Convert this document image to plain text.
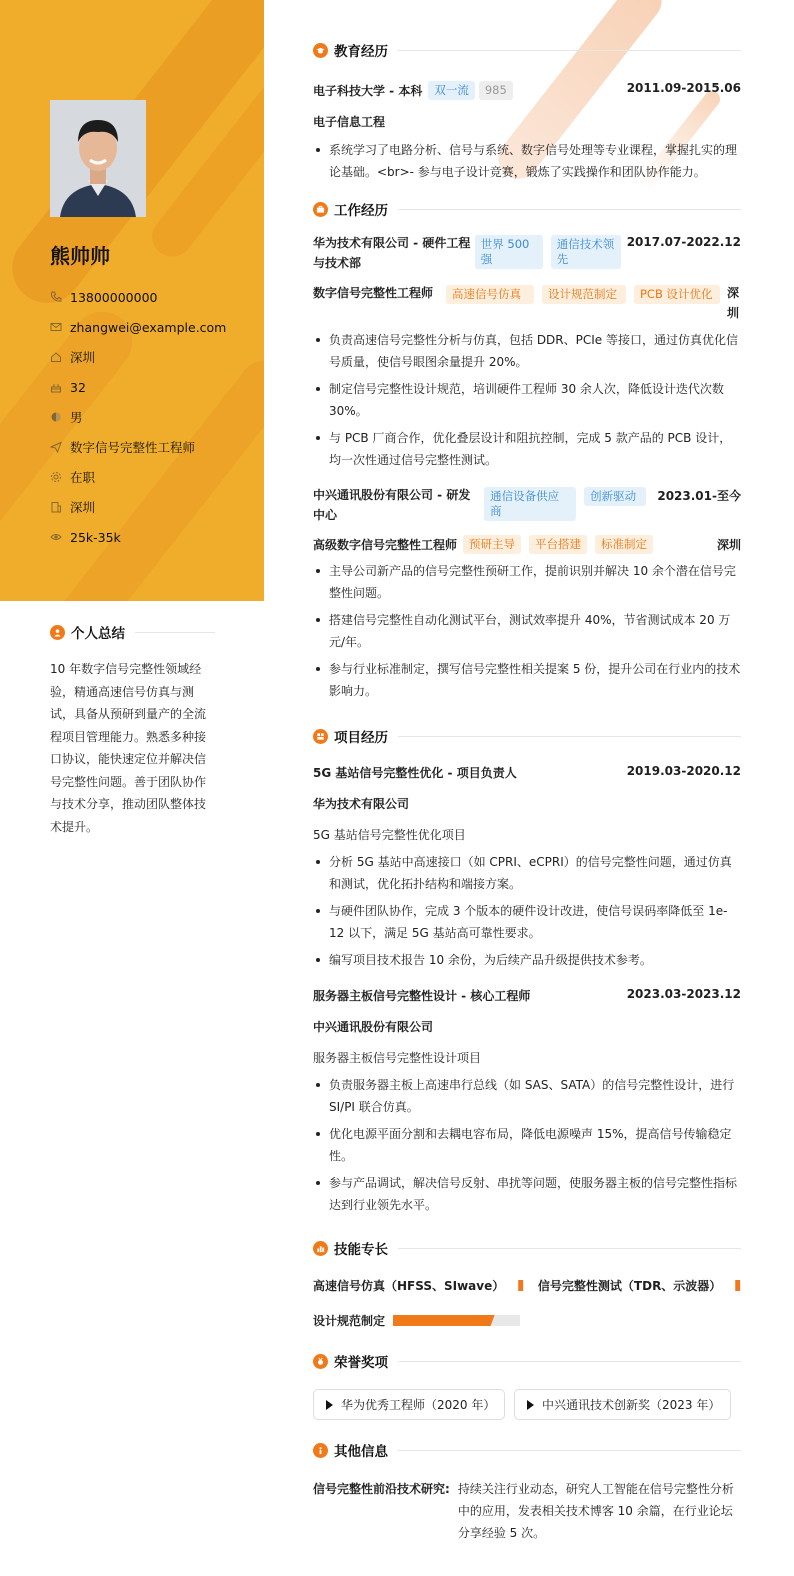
熊帅帅
13800000000
zhangwei@example.com
深圳
32
男
数字信号完整性工程师
在职
深圳
25k-35k
个人总结
10 年数字信号完整性领域经验，精通高速信号仿真与测试，具备从预研到量产的全流程项目管理能力。熟悉多种接口协议，能快速定位并解决信号完整性问题。善于团队协作与技术分享，推动团队整体技术提升。
教育经历
电子科技大学 - 本科	双一流	985	2011.09-2015.06
电子信息工程
系统学习了电路分析、信号与系统、数字信号处理等专业课程，掌握扎实的理论基础。<br>- 参与电子设计竞赛，锻炼了实践操作和团队协作能力。
工作经历
华为技术有限公司 - 硬件工程与技术部
世界 500 强
通信技术领先
2017.07-2022.12
数字信号完整性工程师	高速信号仿真	设计规范制定	PCB 设计优化	深圳
负责高速信号完整性分析与仿真，包括 DDR、PCIe 等接口，通过仿真优化信号质量，使信号眼图余量提升 20%。
制定信号完整性设计规范，培训硬件工程师 30 余人次，降低设计迭代次数 30%。
与 PCB 厂商合作，优化叠层设计和阻抗控制，完成 5 款产品的 PCB 设计，均一次性通过信号完整性测试。
中兴通讯股份有限公司 - 研发中心
通信设备供应商
创新驱动	2023.01-至今
高级数字信号完整性工程师	预研主导	平台搭建	标准制定	深圳
主导公司新产品的信号完整性预研工作，提前识别并解决 10 余个潜在信号完整性问题。
搭建信号完整性自动化测试平台，测试效率提升 40%，节省测试成本 20 万元/年。
参与行业标准制定，撰写信号完整性相关提案 5 份，提升公司在行业内的技术影响力。
项目经历
5G 基站信号完整性优化 - 项目负责人	2019.03-2020.12
华为技术有限公司
5G 基站信号完整性优化项目
分析 5G 基站中高速接口（如 CPRI、eCPRI）的信号完整性问题，通过仿真和测试，优化拓扑结构和端接方案。
与硬件团队协作，完成 3 个版本的硬件设计改进，使信号误码率降低至 1e-12 以下，满足 5G 基站高可靠性要求。
编写项目技术报告 10 余份，为后续产品升级提供技术参考。
服务器主板信号完整性设计 - 核心工程师	2023.03-2023.12
中兴通讯股份有限公司
服务器主板信号完整性设计项目
负责服务器主板上高速串行总线（如 SAS、SATA）的信号完整性设计，进行 SI/PI 联合仿真。
优化电源平面分割和去耦电容布局，降低电源噪声 15%，提高信号传输稳定性。
参与产品调试，解决信号反射、串扰等问题，使服务器主板的信号完整性指标达到行业领先水平。
技能专长
高速信号仿真（HFSS、SIwave）	信号完整性测试（TDR、示波器）
设计规范制定
荣誉奖项
华为优秀工程师（2020 年）	中兴通讯技术创新奖（2023 年）
其他信息
信号完整性前沿技术研究: 持续关注行业动态，研究人工智能在信号完整性分析中的应用，发表相关技术博客 10 余篇，在行业论坛分享经验 5 次。
